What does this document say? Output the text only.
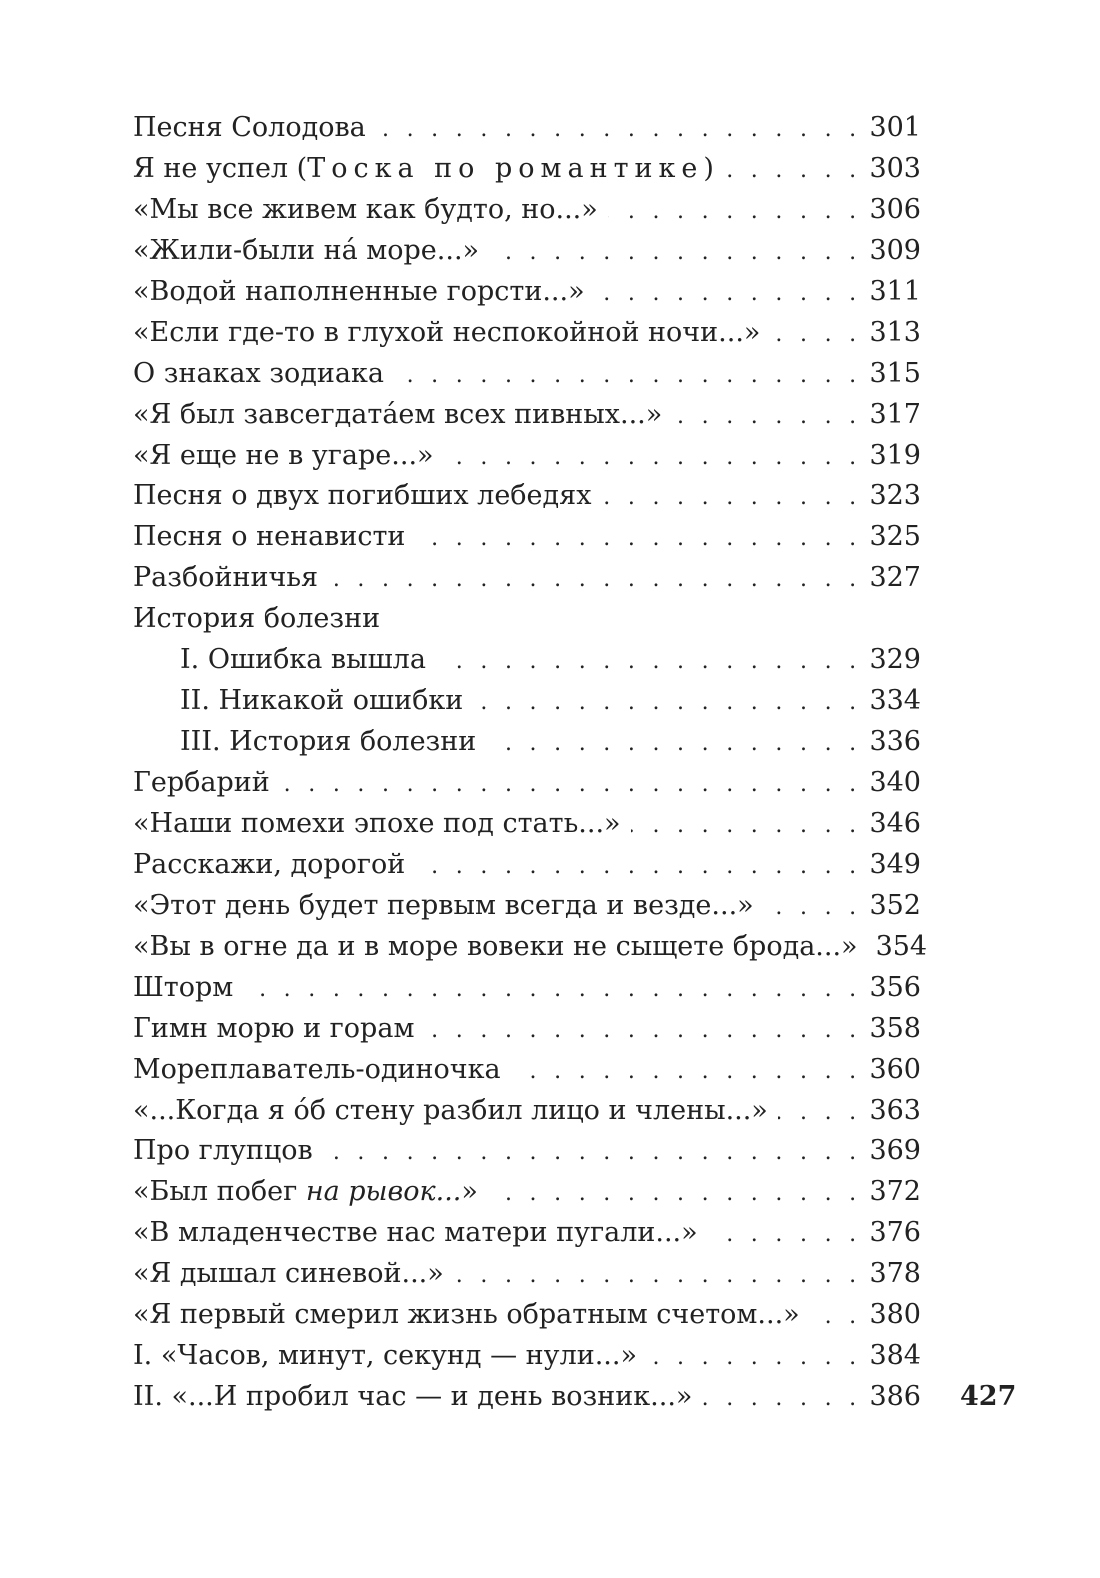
Песня Солодова . . .	301
Я не успел (Тоска по романтике) . . .	303
«Мы все живем как будто, но...» . . .	306
«Жили-были на́ море...» . . .	309
«Водой наполненные горсти...» . . .	311
«Если где-то в глухой неспокойной ночи...» . . .	313
О знаках зодиака . . .	315
«Я был завсегдата́ем всех пивных...» . . .	317
«Я еще не в угаре...» . . .	319
Песня о двух погибших лебедях . . .	323
Песня о ненависти . . .	325
Разбойничья . . .	327
История болезни
I. Ошибка вышла . . .	329
II. Никакой ошибки . . .	334
III. История болезни . . .	336
Гербарий . . .	340
«Наши помехи эпохе под стать...» . . .	346
Расскажи, дорогой . . .	349
«Этот день будет первым всегда и везде...» . . .	352
«Вы в огне да и в море вовеки не сыщете брода...» 354
Шторм . . .	356
Гимн морю и горам . . .	358
Мореплаватель-одиночка . . .	360
«...Когда я о́б стену разбил лицо и члены...» . . .	363
Про глупцов . . .	369
«Был побег на рывок...» . . .	372
«В младенчестве нас матери пугали...» . . .	376
«Я дышал синевой...» . . .	378
«Я первый смерил жизнь обратным счетом...» . . .	380
I. «Часов, минут, секунд — нули...» . . .	384
II. «...И пробил час — и день возник...» . . .	386 427
